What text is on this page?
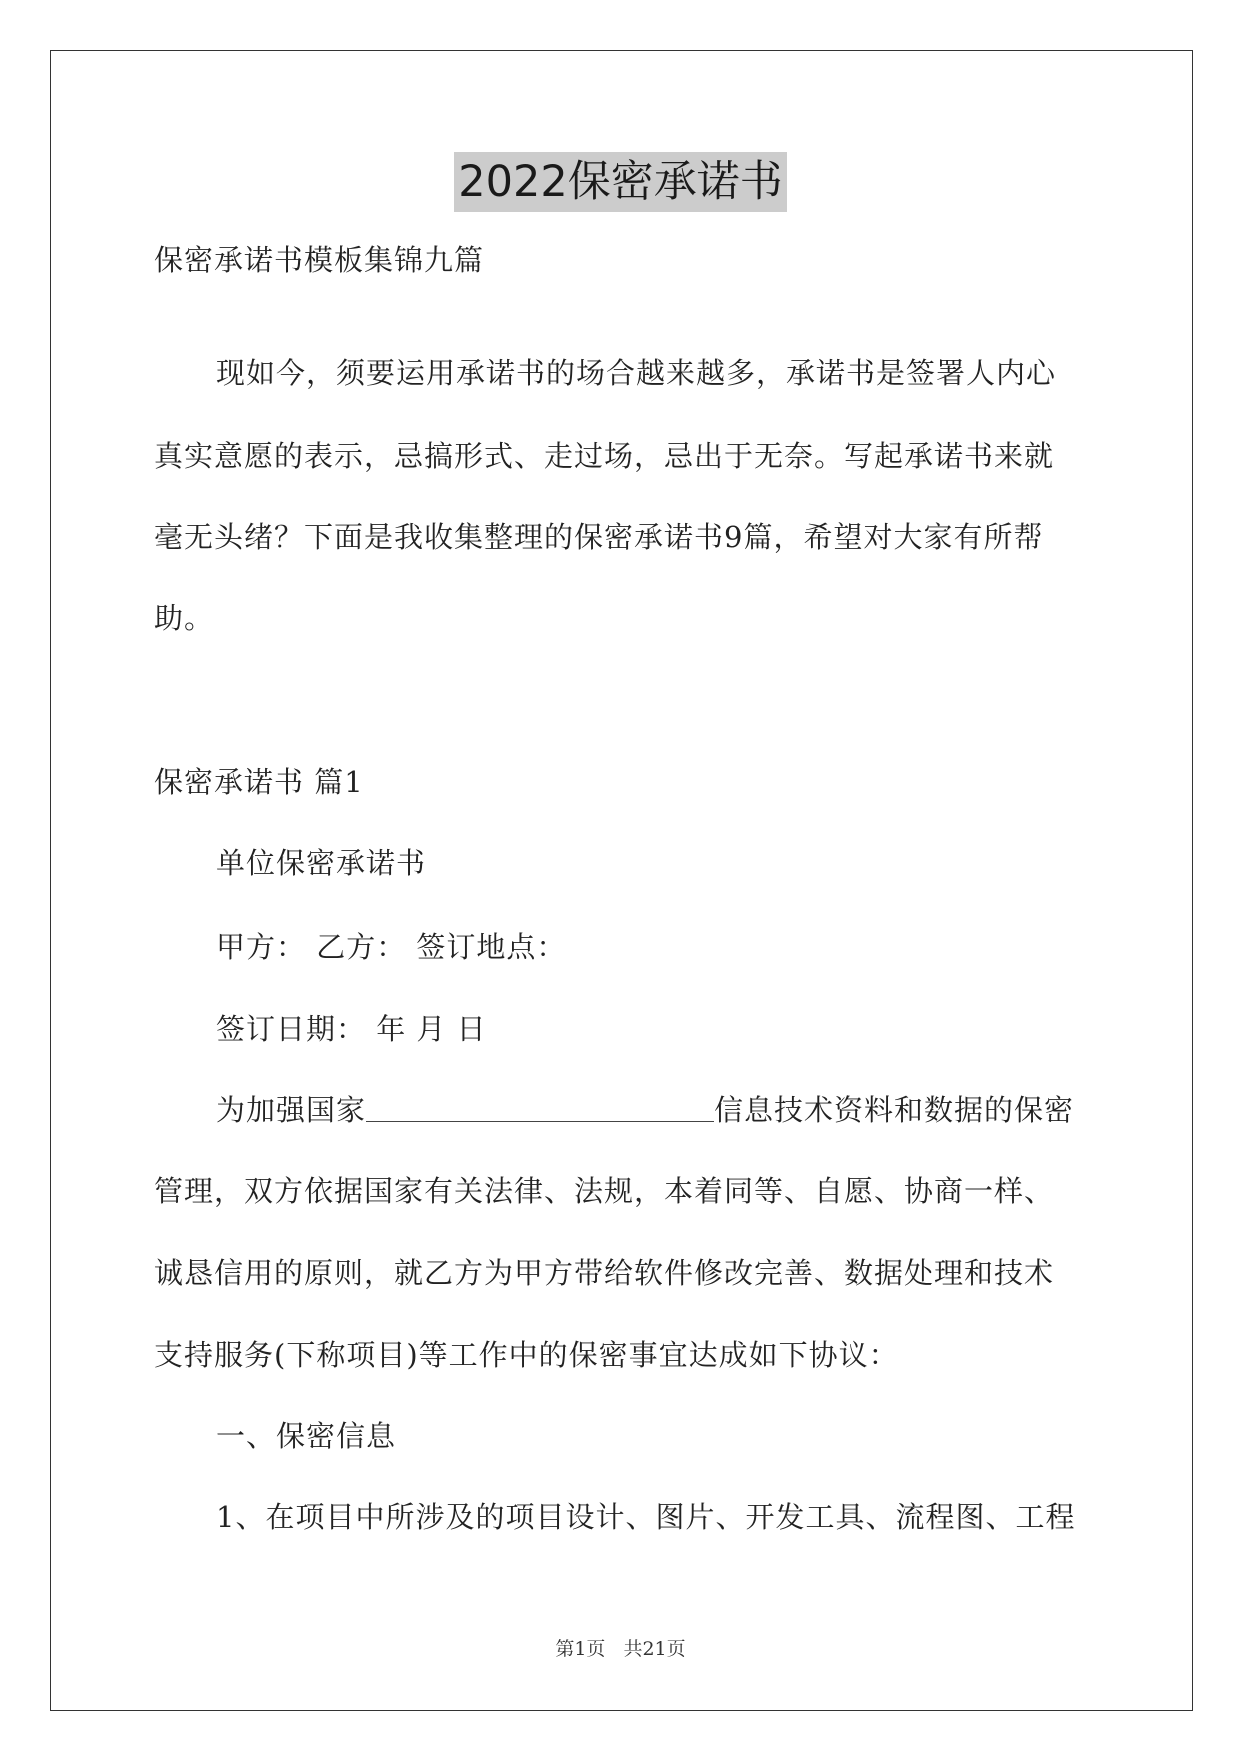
2022保密承诺书
保密承诺书模板集锦九篇
现如今，须要运用承诺书的场合越来越多，承诺书是签署人内心
真实意愿的表示，忌搞形式、走过场，忌出于无奈。写起承诺书来就
毫无头绪？下面是我收集整理的保密承诺书9篇，希望对大家有所帮
助。
保密承诺书 篇1
单位保密承诺书
甲方： 乙方： 签订地点：
签订日期： 年 月 日
为加强国家	信息技术资料和数据的保密
管理，双方依据国家有关法律、法规，本着同等、自愿、协商一样、
诚恳信用的原则，就乙方为甲方带给软件修改完善、数据处理和技术
支持服务(下称项目)等工作中的保密事宜达成如下协议：
一、保密信息
1、在项目中所涉及的项目设计、图片、开发工具、流程图、工程
第1页 共21页
